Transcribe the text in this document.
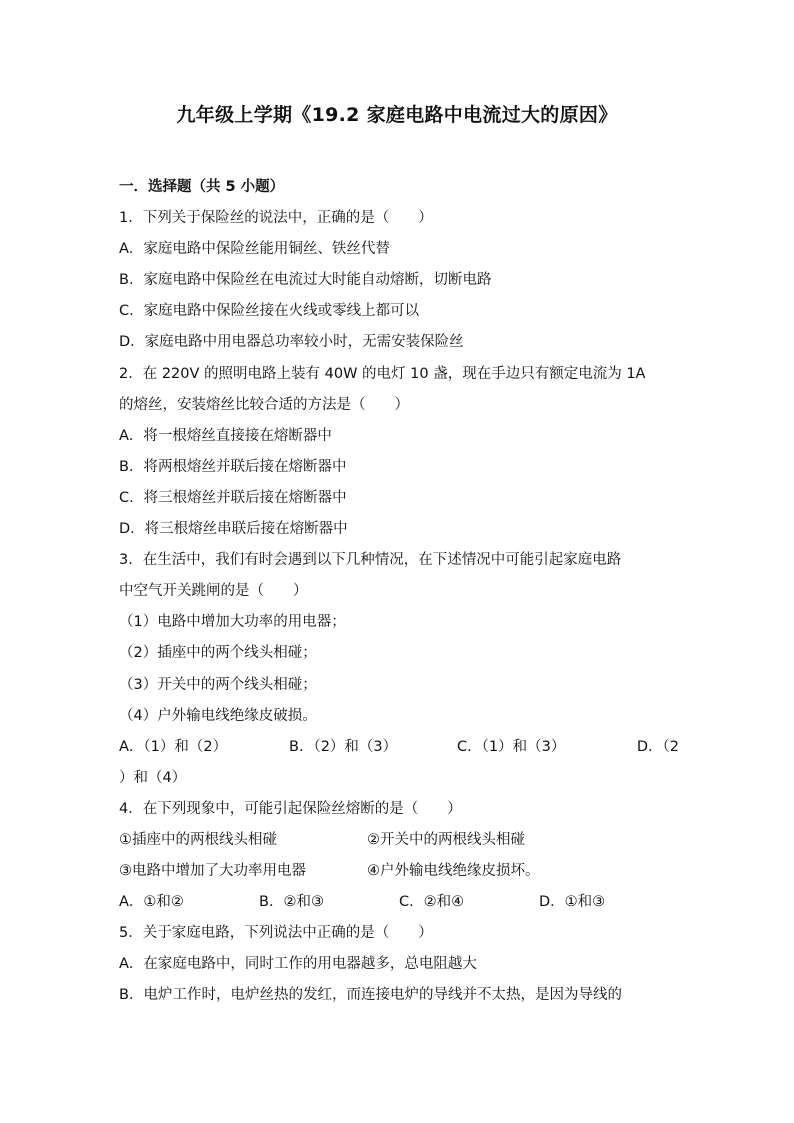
九年级上学期《19.2 家庭电路中电流过大的原因》
一．选择题（共 5 小题）
1．下列关于保险丝的说法中，正确的是（　　）
A．家庭电路中保险丝能用铜丝、铁丝代替
B．家庭电路中保险丝在电流过大时能自动熔断，切断电路
C．家庭电路中保险丝接在火线或零线上都可以
D．家庭电路中用电器总功率较小时，无需安装保险丝
2．在 220V 的照明电路上装有 40W 的电灯 10 盏，现在手边只有额定电流为 1A
的熔丝，安装熔丝比较合适的方法是（　　）
A．将一根熔丝直接接在熔断器中
B．将两根熔丝并联后接在熔断器中
C．将三根熔丝并联后接在熔断器中
D．将三根熔丝串联后接在熔断器中
3．在生活中，我们有时会遇到以下几种情况，在下述情况中可能引起家庭电路
中空气开关跳闸的是（　　）
（1）电路中增加大功率的用电器；
（2）插座中的两个线头相碰；
（3）开关中的两个线头相碰；
（4）户外输电线绝缘皮破损。
A．（1）和（2）	B．（2）和（3）	C．（1）和（3）	D．（2
）和（4）
4．在下列现象中，可能引起保险丝熔断的是（　　）
①插座中的两根线头相碰	②开关中的两根线头相碰
③电路中增加了大功率用电器	④户外输电线绝缘皮损坏。
A．①和②	B．②和③	C．②和④	D．①和③
5．关于家庭电路，下列说法中正确的是（　　）
A．在家庭电路中，同时工作的用电器越多，总电阻越大
B．电炉工作时，电炉丝热的发红，而连接电炉的导线并不太热，是因为导线的
